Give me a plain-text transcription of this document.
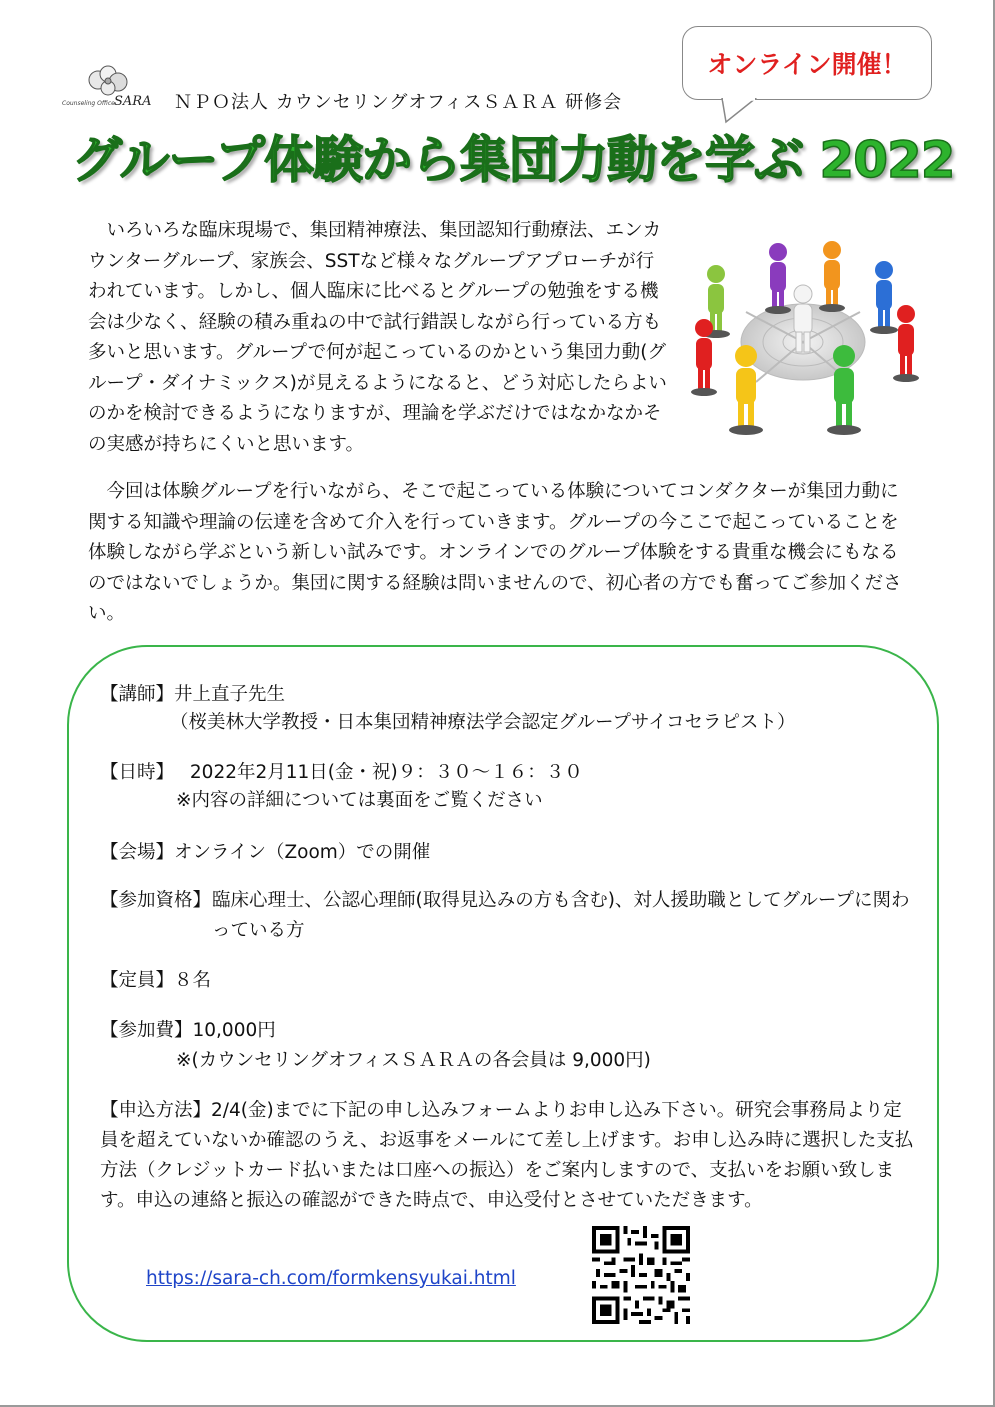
Counseling Office SARA ＮＰＯ法人 カウンセリングオフィスＳＡＲＡ 研修会
オンライン開催！
グループ体験から集団力動を学ぶ 2022
いろいろな臨床現場で、集団精神療法、集団認知行動療法、エンカウンターグループ、家族会、SSTなど様々なグループアプローチが行われています。しかし、個人臨床に比べるとグループの勉強をする機会は少なく、経験の積み重ねの中で試行錯誤しながら行っている方も多いと思います。グループで何が起こっているのかという集団力動(グループ・ダイナミックス)が見えるようになると、どう対応したらよいのかを検討できるようになりますが、理論を学ぶだけではなかなかその実感が持ちにくいと思います。
今回は体験グループを行いながら、そこで起こっている体験についてコンダクターが集団力動に関する知識や理論の伝達を含めて介入を行っていきます。グループの今ここで起こっていることを体験しながら学ぶという新しい試みです。オンラインでのグループ体験をする貴重な機会にもなるのではないでしょうか。集団に関する経験は問いませんので、初心者の方でも奮ってご参加ください。
【講師】井上直子先生
（桜美林大学教授・日本集団精神療法学会認定グループサイコセラピスト）
【日時】 2022年2月11日(金・祝)９：３０～１６：３０
※内容の詳細については裏面をご覧ください
【会場】オンライン（Zoom）での開催
【参加資格】 臨床心理士、公認心理師(取得見込みの方も含む)、対人援助職としてグループに関わっている方
【定員】８名
【参加費】10,000円
※(カウンセリングオフィスＳＡＲＡの各会員は 9,000円)
【申込方法】2/4(金)までに下記の申し込みフォームよりお申し込み下さい。研究会事務局より定員を超えていないか確認のうえ、お返事をメールにて差し上げます。お申し込み時に選択した支払方法（クレジットカード払いまたは口座への振込）をご案内しますので、支払いをお願い致します。申込の連絡と振込の確認ができた時点で、申込受付とさせていただきます。
https://sara-ch.com/formkensyukai.html
